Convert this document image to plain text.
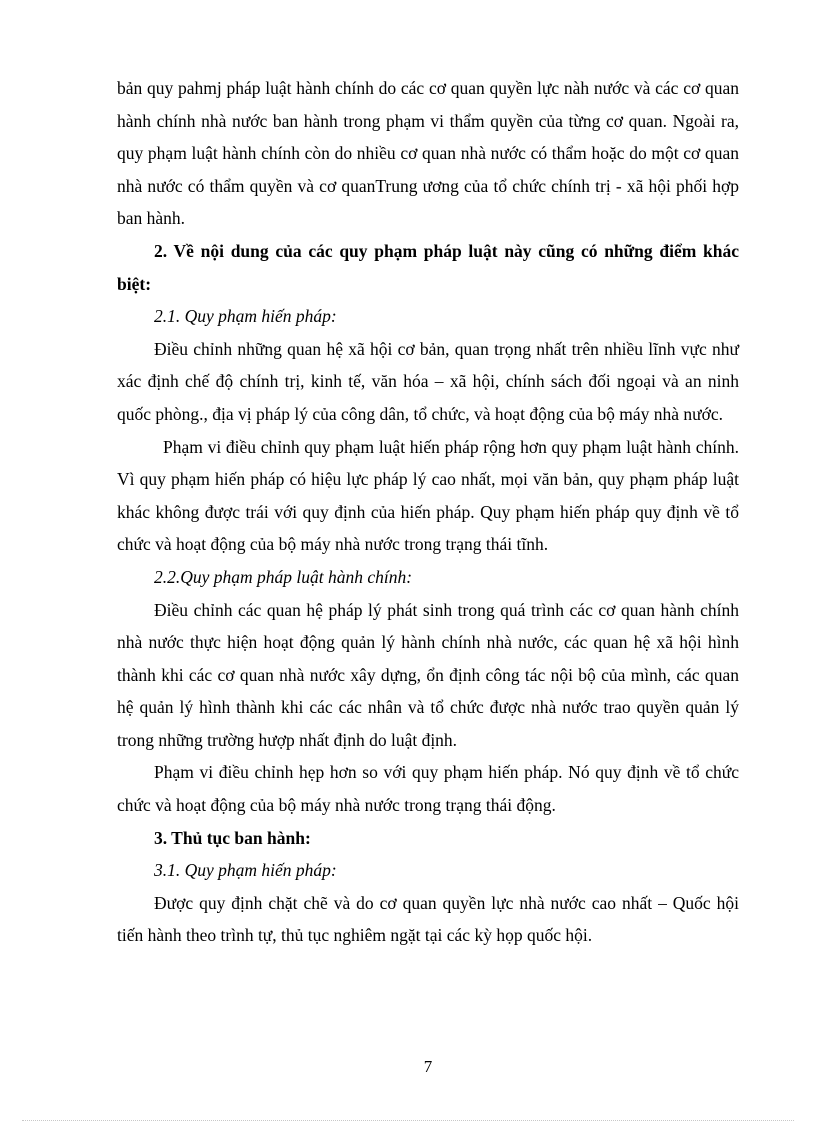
bản quy pahmj pháp luật hành chính do các cơ quan quyền lực nàh nước và các cơ quan hành chính nhà nước ban hành trong phạm vi thẩm quyền của từng cơ quan. Ngoài ra, quy phạm luật hành chính còn do nhiều cơ quan nhà nước có thẩm hoặc do một cơ quan nhà nước có thẩm quyền và cơ quanTrung ương của tổ chức chính trị - xã hội phối hợp ban hành.

2. Về nội dung của các quy phạm pháp luật này cũng có những điểm khác biệt:

2.1. Quy phạm hiến pháp:

Điều chỉnh những quan hệ xã hội cơ bản, quan trọng nhất trên nhiều lĩnh vực như xác định chế độ chính trị, kinh tế, văn hóa – xã hội, chính sách đối ngoại và an ninh quốc phòng., địa vị pháp lý của công dân, tổ chức, và hoạt động của bộ máy nhà nước.

Phạm vi điều chỉnh quy phạm luật hiến pháp rộng hơn quy phạm luật hành chính. Vì quy phạm hiến pháp có hiệu lực pháp lý cao nhất, mọi văn bản, quy phạm pháp luật khác không được trái với quy định của hiến pháp. Quy phạm hiến pháp quy định về tổ chức và hoạt động của bộ máy nhà nước trong trạng thái tĩnh.

2.2.Quy phạm pháp luật hành chính:

Điều chỉnh các quan hệ pháp lý phát sinh trong quá trình các cơ quan hành chính nhà nước thực hiện hoạt động quản lý hành chính nhà nước, các quan hệ xã hội hình thành khi các cơ quan nhà nước xây dựng, ổn định công tác nội bộ của mình, các quan hệ quản lý hình thành khi các các nhân và tổ chức được nhà nước trao quyền quản lý trong những trường hượp nhất định do luật định.

Phạm vi điều chỉnh hẹp hơn so với quy phạm hiến pháp. Nó quy định về tổ chức chức và hoạt động của bộ máy nhà nước trong trạng thái động.

3. Thủ tục ban hành:

3.1. Quy phạm hiến pháp:

Được quy định chặt chẽ và do cơ quan quyền lực nhà nước cao nhất – Quốc hội tiến hành theo trình tự, thủ tục nghiêm ngặt tại các kỳ họp quốc hội.

7
